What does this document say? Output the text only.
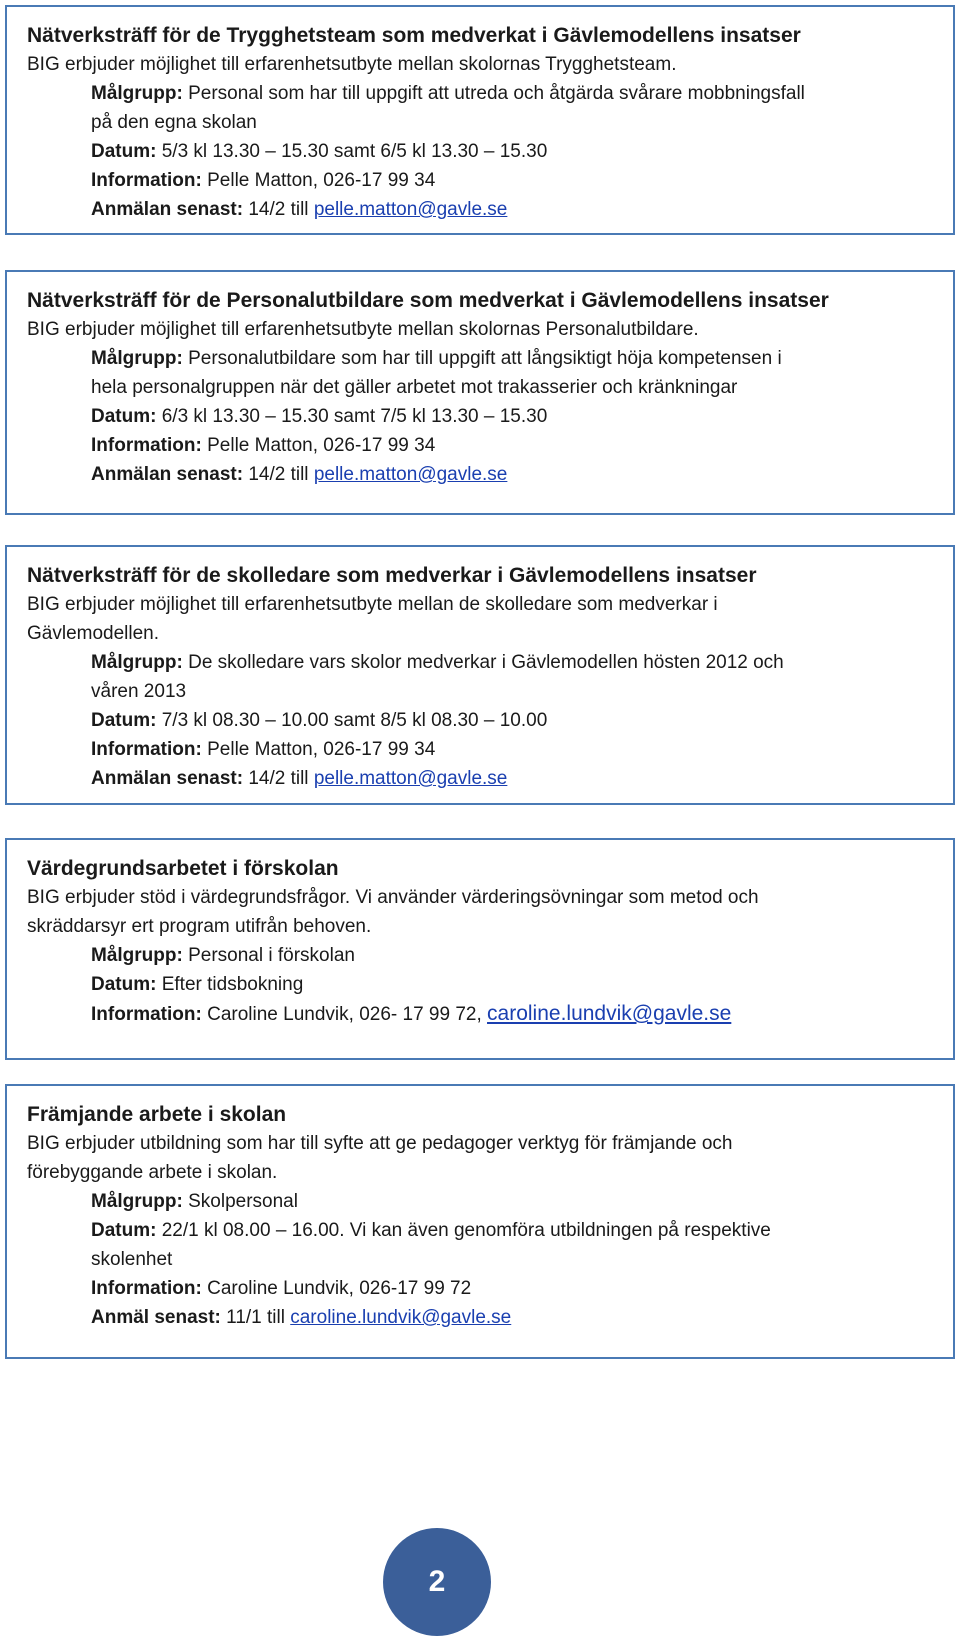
Nätverksträff för de Trygghetsteam som medverkat i Gävlemodellens insatser
BIG erbjuder möjlighet till erfarenhetsutbyte mellan skolornas Trygghetsteam.
Målgrupp: Personal som har till uppgift att utreda och åtgärda svårare mobbningsfall
på den egna skolan
Datum: 5/3 kl 13.30 – 15.30 samt 6/5 kl 13.30 – 15.30
Information: Pelle Matton, 026-17 99 34
Anmälan senast: 14/2 till pelle.matton@gavle.se
Nätverksträff för de Personalutbildare som medverkat i Gävlemodellens insatser
BIG erbjuder möjlighet till erfarenhetsutbyte mellan skolornas Personalutbildare.
Målgrupp: Personalutbildare som har till uppgift att långsiktigt höja kompetensen i
hela personalgruppen när det gäller arbetet mot trakasserier och kränkningar
Datum: 6/3 kl 13.30 – 15.30 samt 7/5 kl 13.30 – 15.30
Information: Pelle Matton, 026-17 99 34
Anmälan senast: 14/2 till pelle.matton@gavle.se
Nätverksträff för de skolledare som medverkar i Gävlemodellens insatser
BIG erbjuder möjlighet till erfarenhetsutbyte mellan de skolledare som medverkar i
Gävlemodellen.
Målgrupp: De skolledare vars skolor medverkar i Gävlemodellen hösten 2012 och
våren 2013
Datum: 7/3 kl 08.30 – 10.00 samt 8/5 kl 08.30 – 10.00
Information: Pelle Matton, 026-17 99 34
Anmälan senast: 14/2 till pelle.matton@gavle.se
Värdegrundsarbetet i förskolan
BIG erbjuder stöd i värdegrundsfrågor. Vi använder värderingsövningar som metod och
skräddarsyr ert program utifrån behoven.
Målgrupp: Personal i förskolan
Datum: Efter tidsbokning
Information: Caroline Lundvik, 026- 17 99 72, caroline.lundvik@gavle.se
Främjande arbete i skolan
BIG erbjuder utbildning som har till syfte att ge pedagoger verktyg för främjande och
förebyggande arbete i skolan.
Målgrupp: Skolpersonal
Datum: 22/1 kl 08.00 – 16.00. Vi kan även genomföra utbildningen på respektive
skolenhet
Information: Caroline Lundvik, 026-17 99 72
Anmäl senast: 11/1 till caroline.lundvik@gavle.se
2
